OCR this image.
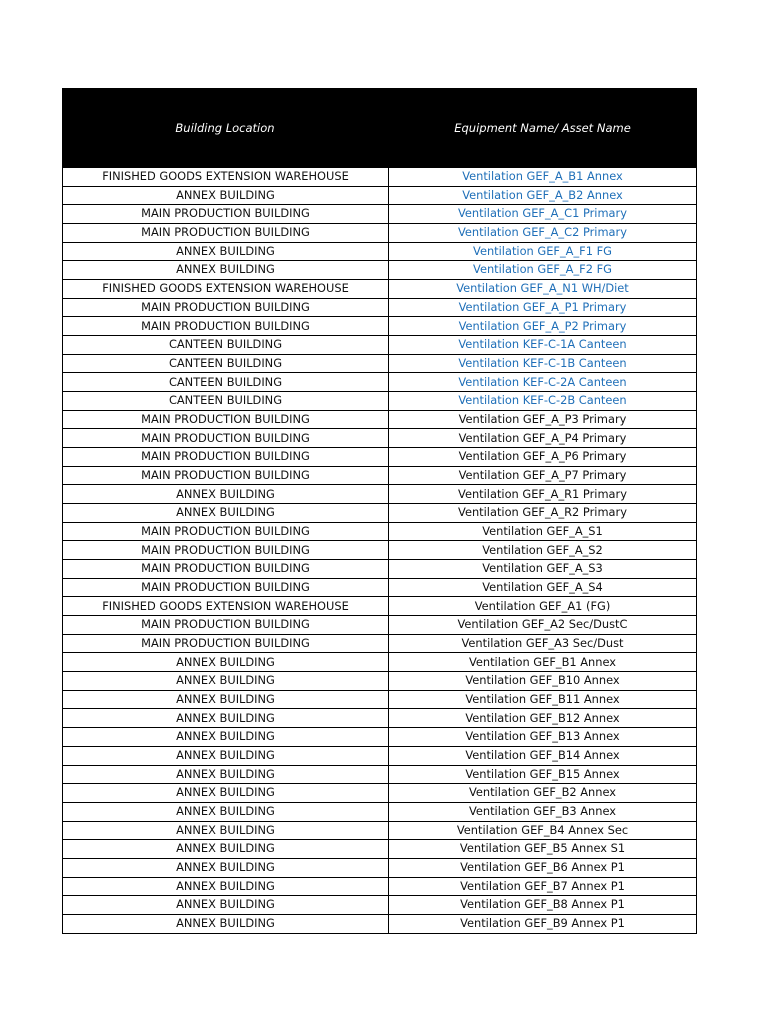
Building Location	Equipment Name/ Asset Name
FINISHED GOODS EXTENSION WAREHOUSE	Ventilation GEF_A_B1 Annex
ANNEX BUILDING	Ventilation GEF_A_B2 Annex
MAIN PRODUCTION BUILDING	Ventilation GEF_A_C1 Primary
MAIN PRODUCTION BUILDING	Ventilation GEF_A_C2 Primary
ANNEX BUILDING	Ventilation GEF_A_F1 FG
ANNEX BUILDING	Ventilation GEF_A_F2 FG
FINISHED GOODS EXTENSION WAREHOUSE	Ventilation GEF_A_N1 WH/Diet
MAIN PRODUCTION BUILDING	Ventilation GEF_A_P1 Primary
MAIN PRODUCTION BUILDING	Ventilation GEF_A_P2 Primary
CANTEEN BUILDING	Ventilation KEF-C-1A Canteen
CANTEEN BUILDING	Ventilation KEF-C-1B Canteen
CANTEEN BUILDING	Ventilation KEF-C-2A Canteen
CANTEEN BUILDING	Ventilation KEF-C-2B Canteen
MAIN PRODUCTION BUILDING	Ventilation GEF_A_P3 Primary
MAIN PRODUCTION BUILDING	Ventilation GEF_A_P4 Primary
MAIN PRODUCTION BUILDING	Ventilation GEF_A_P6 Primary
MAIN PRODUCTION BUILDING	Ventilation GEF_A_P7 Primary
ANNEX BUILDING	Ventilation GEF_A_R1 Primary
ANNEX BUILDING	Ventilation GEF_A_R2 Primary
MAIN PRODUCTION BUILDING	Ventilation GEF_A_S1
MAIN PRODUCTION BUILDING	Ventilation GEF_A_S2
MAIN PRODUCTION BUILDING	Ventilation GEF_A_S3
MAIN PRODUCTION BUILDING	Ventilation GEF_A_S4
FINISHED GOODS EXTENSION WAREHOUSE	Ventilation GEF_A1 (FG)
MAIN PRODUCTION BUILDING	Ventilation GEF_A2 Sec/DustC
MAIN PRODUCTION BUILDING	Ventilation GEF_A3 Sec/Dust
ANNEX BUILDING	Ventilation GEF_B1 Annex
ANNEX BUILDING	Ventilation GEF_B10 Annex
ANNEX BUILDING	Ventilation GEF_B11 Annex
ANNEX BUILDING	Ventilation GEF_B12 Annex
ANNEX BUILDING	Ventilation GEF_B13 Annex
ANNEX BUILDING	Ventilation GEF_B14 Annex
ANNEX BUILDING	Ventilation GEF_B15 Annex
ANNEX BUILDING	Ventilation GEF_B2 Annex
ANNEX BUILDING	Ventilation GEF_B3 Annex
ANNEX BUILDING	Ventilation GEF_B4 Annex Sec
ANNEX BUILDING	Ventilation GEF_B5 Annex S1
ANNEX BUILDING	Ventilation GEF_B6 Annex P1
ANNEX BUILDING	Ventilation GEF_B7 Annex P1
ANNEX BUILDING	Ventilation GEF_B8 Annex P1
ANNEX BUILDING	Ventilation GEF_B9 Annex P1
